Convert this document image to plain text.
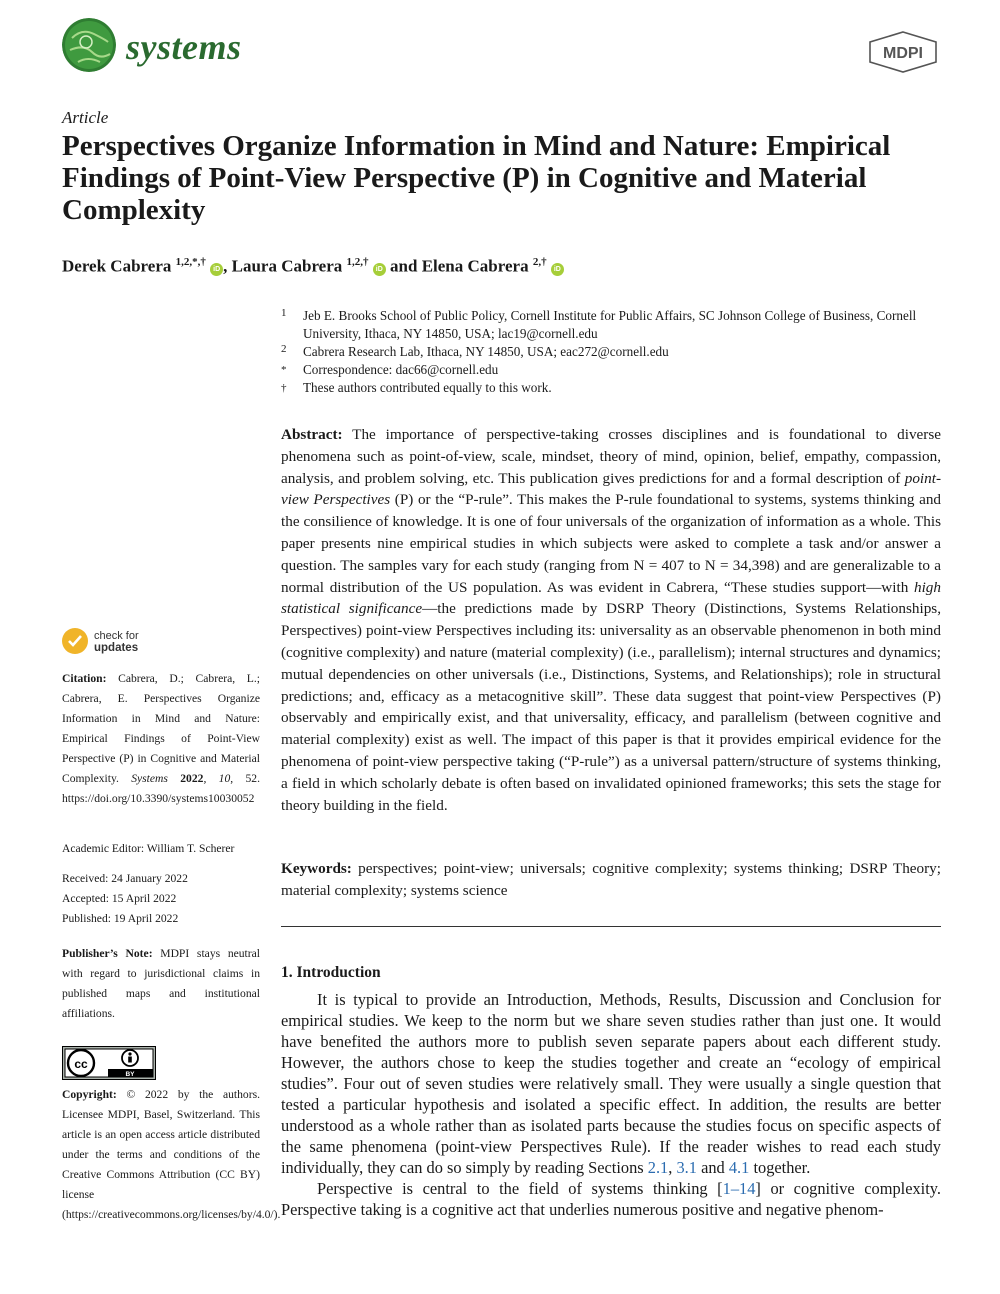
systems	MDPI
Article
Perspectives Organize Information in Mind and Nature: Empirical Findings of Point-View Perspective (P) in Cognitive and Material Complexity
Derek Cabrera $^{1,2,*,\dagger}$ iD , Laura Cabrera $^{1,2,\dagger}$ iD and Elena Cabrera $^{2,\dagger}$ iD
1 Jeb E. Brooks School of Public Policy, Cornell Institute for Public Affairs, SC Johnson College of Business, Cornell University, Ithaca, NY 14850, USA; lac19@cornell.edu
2 Cabrera Research Lab, Ithaca, NY 14850, USA; eac272@cornell.edu
* Correspondence: dac66@cornell.edu
† These authors contributed equally to this work.
Abstract: The importance of perspective-taking crosses disciplines and is foundational to diverse phenomena such as point-of-view, scale, mindset, theory of mind, opinion, belief, empathy, compassion, analysis, and problem solving, etc. This publication gives predictions for and a formal description of point-view Perspectives (P) or the “P-rule”. This makes the P-rule foundational to systems, systems thinking and the consilience of knowledge. It is one of four universals of the organization of information as a whole. This paper presents nine empirical studies in which subjects were asked to complete a task and/or answer a question. The samples vary for each study (ranging from N = 407 to N = 34,398) and are generalizable to a normal distribution of the US population. As was evident in Cabrera, “These studies support—with high statistical significance—the predictions made by DSRP Theory (Distinctions, Systems Relationships, Perspectives) point-view Perspectives including its: universality as an observable phenomenon in both mind (cognitive complexity) and nature (material complexity) (i.e., parallelism); internal structures and dynamics; mutual dependencies on other universals (i.e., Distinctions, Systems, and Relationships); role in structural predictions; and, efficacy as a metacognitive skill”. These data suggest that point-view Perspectives (P) observably and empirically exist, and that universality, efficacy, and parallelism (between cognitive and material complexity) exist as well. The impact of this paper is that it provides empirical evidence for the phenomena of point-view perspective taking (“P-rule”) as a universal pattern/structure of systems thinking, a field in which scholarly debate is often based on invalidated opinioned frameworks; this sets the stage for theory building in the field.
Keywords: perspectives; point-view; universals; cognitive complexity; systems thinking; DSRP Theory; material complexity; systems science
1. Introduction

It is typical to provide an Introduction, Methods, Results, Discussion and Conclusion for empirical studies. We keep to the norm but we share seven studies rather than just one. It would have benefited the authors more to publish seven separate papers about each different study. However, the authors chose to keep the studies together and create an “ecology of empirical studies”. Four out of seven studies were relatively small. They were usually a single question that tested a particular hypothesis and isolated a specific effect. In addition, the results are better understood as a whole rather than as isolated parts because the studies focus on specific aspects of the same phenomena (point-view Perspectives Rule). If the reader wishes to read each study individually, they can do so simply by reading Sections 2.1, 3.1 and 4.1 together.

Perspective is central to the field of systems thinking [1–14] or cognitive complexity. Perspective taking is a cognitive act that underlies numerous positive and negative phenom-

check for
updates
Citation: Cabrera, D.; Cabrera, L.; Cabrera, E. Perspectives Organize Information in Mind and Nature: Empirical Findings of Point-View Perspective (P) in Cognitive and Material Complexity. Systems 2022, 10, 52. https://doi.org/10.3390/systems10030052
Academic Editor: William T. Scherer
Received: 24 January 2022
Accepted: 15 April 2022
Published: 19 April 2022
Publisher’s Note: MDPI stays neutral with regard to jurisdictional claims in published maps and institutional affiliations.
cc
BY
Copyright: © 2022 by the authors. Licensee MDPI, Basel, Switzerland. This article is an open access article distributed under the terms and conditions of the Creative Commons Attribution (CC BY) license (https://creativecommons.org/licenses/by/4.0/).
